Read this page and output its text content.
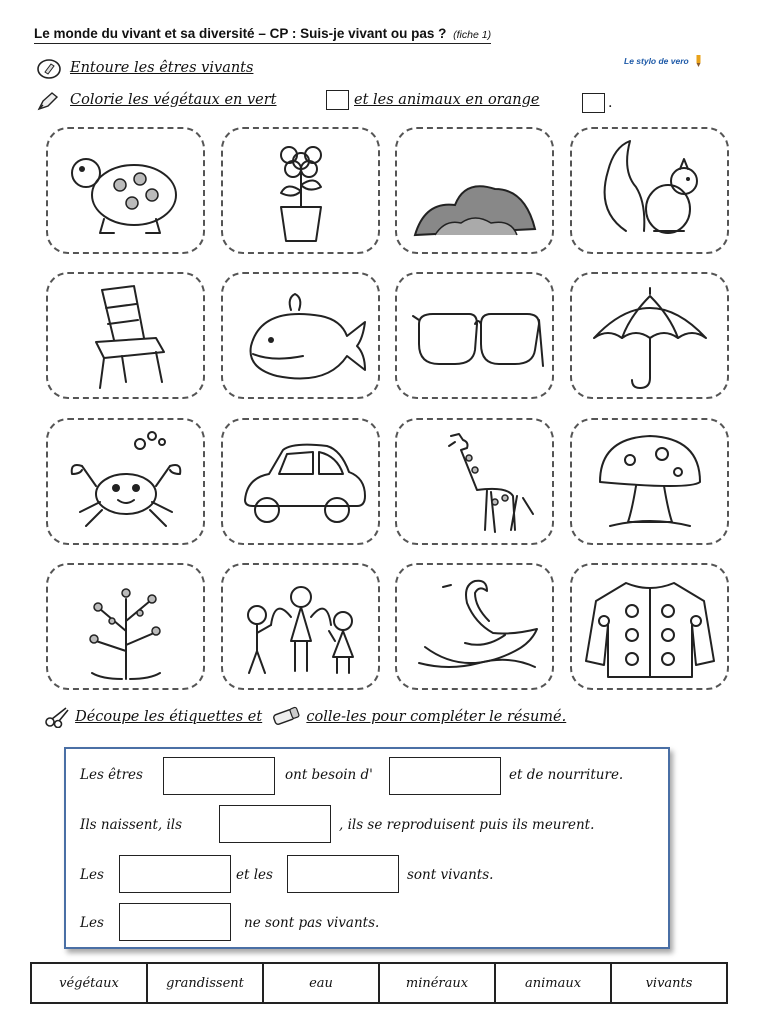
Le monde du vivant et sa diversité – CP : Suis-je vivant ou pas ? (fiche 1)
Le stylo de vero
Entoure les êtres vivants
Colorie les végétaux en vert	et les animaux en orange	.
Découpe les étiquettes et	colle-les pour compléter le résumé.
Les êtres	ont besoin d'	et de nourriture.
Ils naissent, ils	, ils se reproduisent puis ils meurent.
Les	et les	sont vivants.
Les	ne sont pas vivants.
végétaux	grandissent	eau	minéraux	animaux	vivants
